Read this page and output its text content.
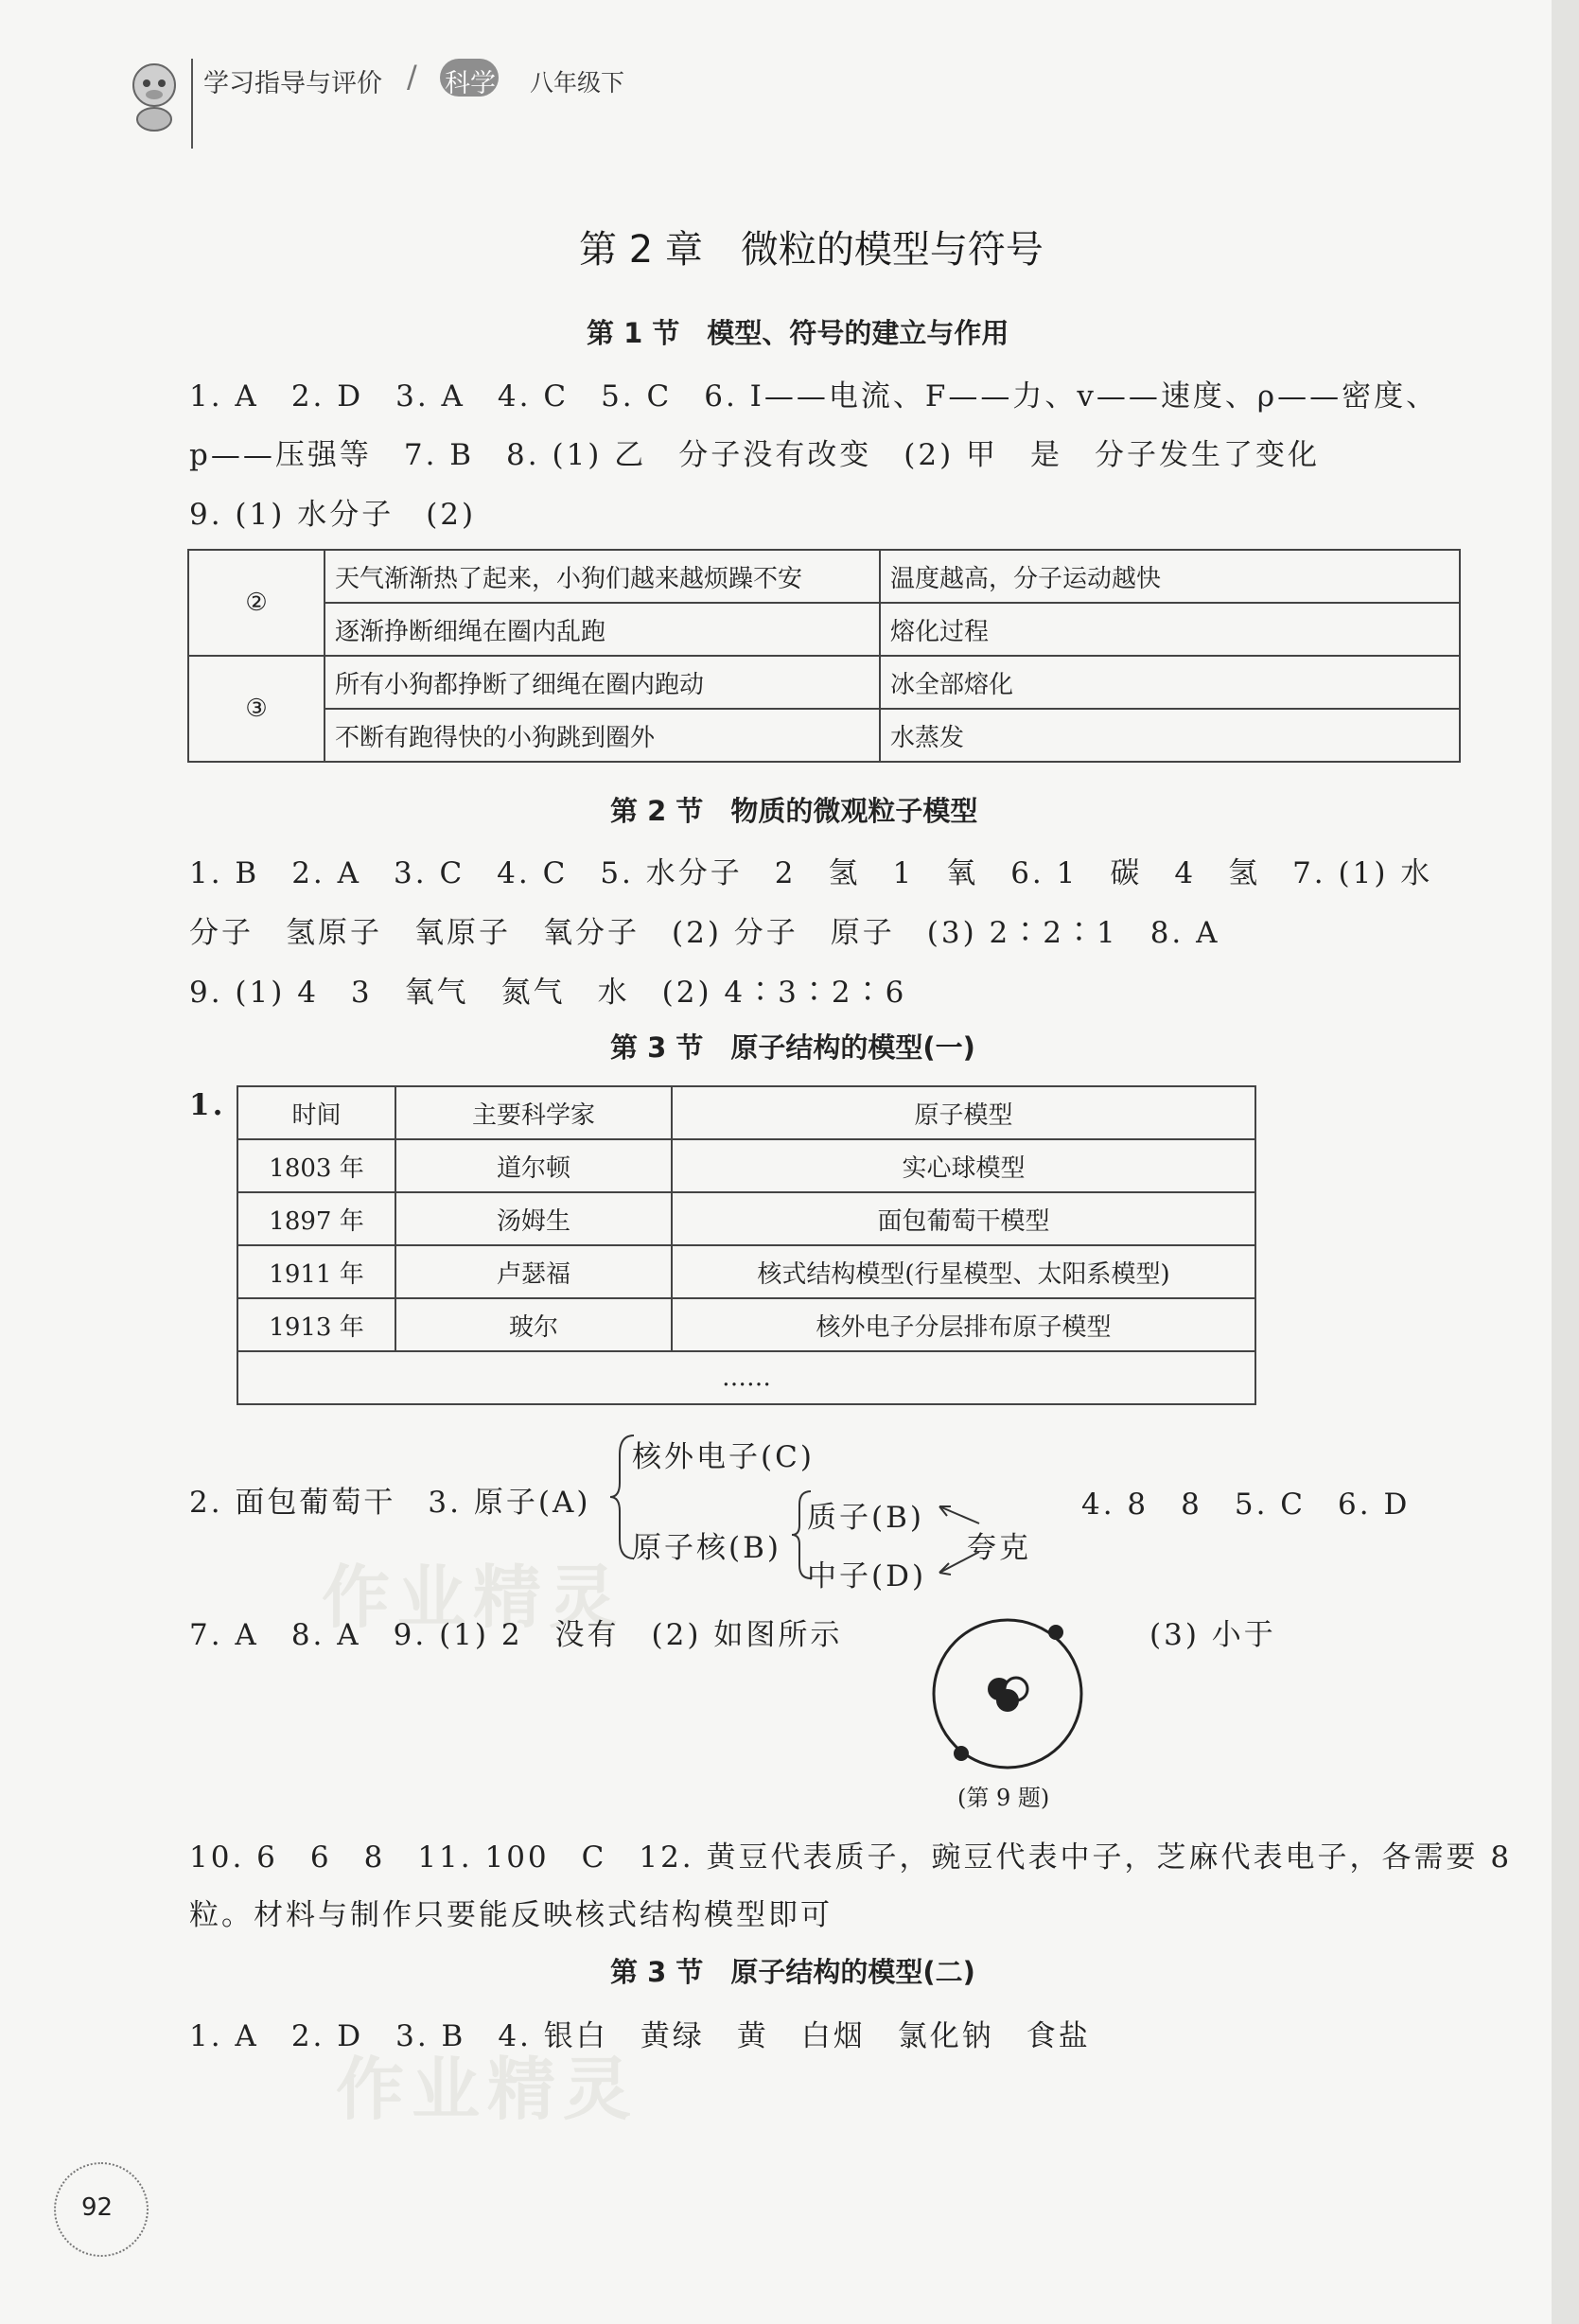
学习指导与评价 / 科学 八年级下
第 2 章　微粒的模型与符号
第 1 节　模型、符号的建立与作用
1. A　2. D　3. A　4. C　5. C　6. I——电流、F——力、v——速度、ρ——密度、
p——压强等　7. B　8. (1) 乙　分子没有改变　(2) 甲　是　分子发生了变化
9. (1) 水分子　(2)
②	天气渐渐热了起来，小狗们越来越烦躁不安	温度越高，分子运动越快
	逐渐挣断细绳在圈内乱跑	熔化过程
③	所有小狗都挣断了细绳在圈内跑动	冰全部熔化
	不断有跑得快的小狗跳到圈外	水蒸发
第 2 节　物质的微观粒子模型
1. B　2. A　3. C　4. C　5. 水分子　2　氢　1　氧　6. 1　碳　4　氢　7. (1) 水
分子　氢原子　氧原子　氧分子　(2) 分子　原子　(3) 2∶2∶1　8. A
9. (1) 4　3　氧气　氮气　水　(2) 4∶3∶2∶6
第 3 节　原子结构的模型(一)
1.	时间	主要科学家	原子模型
1803 年	道尔顿	实心球模型
1897 年	汤姆生	面包葡萄干模型
1911 年	卢瑟福	核式结构模型(行星模型、太阳系模型)
1913 年	玻尔	核外电子分层排布原子模型
……		
2. 面包葡萄干　3. 原子(A)
核外电子(C)
原子核(B)
质子(B)
中子(D)
夸克
4. 8　8　5. C　6. D
作业精灵
7. A　8. A　9. (1) 2　没有　(2) 如图所示	(3) 小于
(第 9 题)
10. 6　6　8　11. 100　C　12. 黄豆代表质子，豌豆代表中子，芝麻代表电子，各需要 8
粒。材料与制作只要能反映核式结构模型即可
第 3 节　原子结构的模型(二)
1. A　2. D　3. B　4. 银白　黄绿　黄　白烟　氯化钠　食盐
作业精灵
92
